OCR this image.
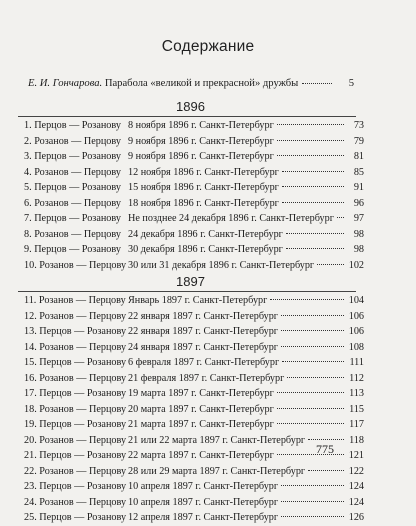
Содержание
Е. И. Гончарова.
Парабола «великой и прекрасной» дружбы	5
1896
1. Перцов — Розанову 8 ноября 1896 г. Санкт-Петербург	73
2. Розанов — Перцову 9 ноября 1896 г. Санкт-Петербург	79
3. Перцов — Розанову 9 ноября 1896 г. Санкт-Петербург	81
4. Розанов — Перцову 12 ноября 1896 г. Санкт-Петербург	85
5. Перцов — Розанову 15 ноября 1896 г. Санкт-Петербург	91
6. Розанов — Перцову 18 ноября 1896 г. Санкт-Петербург	96
7. Перцов — Розанову Не позднее 24 декабря 1896 г. Санкт-Петербург	97
8. Розанов — Перцову 24 декабря 1896 г. Санкт-Петербург	98
9. Перцов — Розанову 30 декабря 1896 г. Санкт-Петербург	98
10. Розанов — Перцову 30 или 31 декабря 1896 г. Санкт-Петербург	102
1897
11. Розанов — Перцову Январь 1897 г. Санкт-Петербург	104
12. Розанов — Перцову 22 января 1897 г. Санкт-Петербург	106
13. Перцов — Розанову 22 января 1897 г. Санкт-Петербург	106
14. Розанов — Перцову 24 января 1897 г. Санкт-Петербург	108
15. Перцов — Розанову 6 февраля 1897 г. Санкт-Петербург	111
16. Розанов — Перцову 21 февраля 1897 г. Санкт-Петербург	112
17. Перцов — Розанову 19 марта 1897 г. Санкт-Петербург	113
18. Розанов — Перцову 20 марта 1897 г. Санкт-Петербург	115
19. Перцов — Розанову 21 марта 1897 г. Санкт-Петербург	117
20. Розанов — Перцову 21 или 22 марта 1897 г. Санкт-Петербург	118
21. Перцов — Розанову 22 марта 1897 г. Санкт-Петербург	121
22. Розанов — Перцову 28 или 29 марта 1897 г. Санкт-Петербург	122
23. Перцов — Розанову 10 апреля 1897 г. Санкт-Петербург	124
24. Розанов — Перцову 10 апреля 1897 г. Санкт-Петербург	124
25. Перцов — Розанову 12 апреля 1897 г. Санкт-Петербург	126
775
